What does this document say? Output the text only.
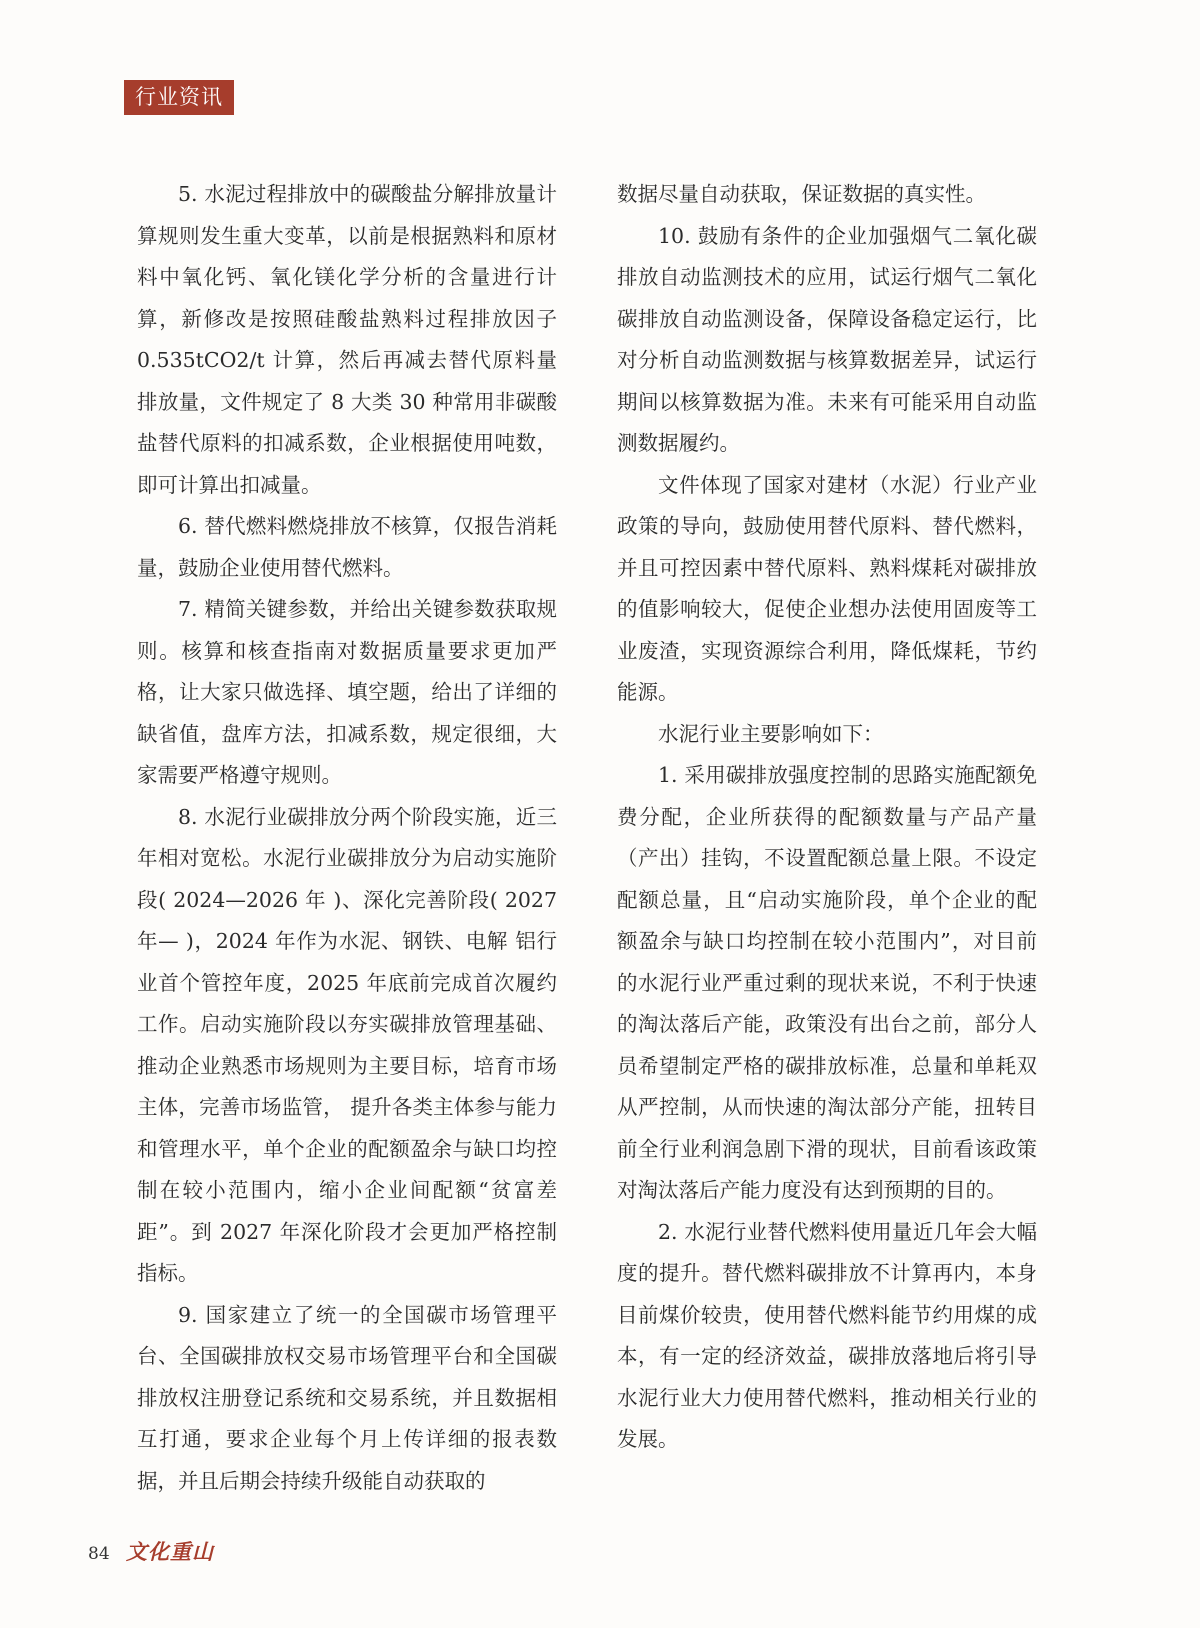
行业资讯

5. 水泥过程排放中的碳酸盐分解排放量计算规则发生重大变革，以前是根据熟料和原材料中氧化钙、氧化镁化学分析的含量进行计算，新修改是按照硅酸盐熟料过程排放因子 0.535tCO2/t 计算，然后再减去替代原料量排放量，文件规定了 8 大类 30 种常用非碳酸盐替代原料的扣减系数，企业根据使用吨数，即可计算出扣减量。

6. 替代燃料燃烧排放不核算，仅报告消耗量，鼓励企业使用替代燃料。

7. 精简关键参数，并给出关键参数获取规则。核算和核查指南对数据质量要求更加严格，让大家只做选择、填空题，给出了详细的缺省值，盘库方法，扣减系数，规定很细，大家需要严格遵守规则。

8. 水泥行业碳排放分两个阶段实施，近三年相对宽松。水泥行业碳排放分为启动实施阶段( 2024—2026 年 )、深化完善阶段( 2027 年— )，2024 年作为水泥、钢铁、电解 铝行业首个管控年度，2025 年底前完成首次履约工作。启动实施阶段以夯实碳排放管理基础、推动企业熟悉市场规则为主要目标，培育市场主体，完善市场监管， 提升各类主体参与能力和管理水平，单个企业的配额盈余与缺口均控制在较小范围内，缩小企业间配额“贫富差距”。到 2027 年深化阶段才会更加严格控制指标。

9. 国家建立了统一的全国碳市场管理平台、全国碳排放权交易市场管理平台和全国碳排放权注册登记系统和交易系统，并且数据相互打通，要求企业每个月上传详细的报表数据，并且后期会持续升级能自动获取的

数据尽量自动获取，保证数据的真实性。

10. 鼓励有条件的企业加强烟气二氧化碳排放自动监测技术的应用，试运行烟气二氧化碳排放自动监测设备，保障设备稳定运行，比对分析自动监测数据与核算数据差异，试运行期间以核算数据为准。未来有可能采用自动监测数据履约。

文件体现了国家对建材（水泥）行业产业政策的导向，鼓励使用替代原料、替代燃料，并且可控因素中替代原料、熟料煤耗对碳排放的值影响较大，促使企业想办法使用固废等工业废渣，实现资源综合利用，降低煤耗，节约能源。

水泥行业主要影响如下：

1. 采用碳排放强度控制的思路实施配额免费分配，企业所获得的配额数量与产品产量（产出）挂钩，不设置配额总量上限。不设定配额总量，且“启动实施阶段，单个企业的配额盈余与缺口均控制在较小范围内”，对目前的水泥行业严重过剩的现状来说，不利于快速的淘汰落后产能，政策没有出台之前，部分人员希望制定严格的碳排放标准，总量和单耗双从严控制，从而快速的淘汰部分产能，扭转目前全行业利润急剧下滑的现状，目前看该政策对淘汰落后产能力度没有达到预期的目的。

2. 水泥行业替代燃料使用量近几年会大幅度的提升。替代燃料碳排放不计算再内，本身目前煤价较贵，使用替代燃料能节约用煤的成本，有一定的经济效益，碳排放落地后将引导水泥行业大力使用替代燃料，推动相关行业的发展。

84 文化重山
